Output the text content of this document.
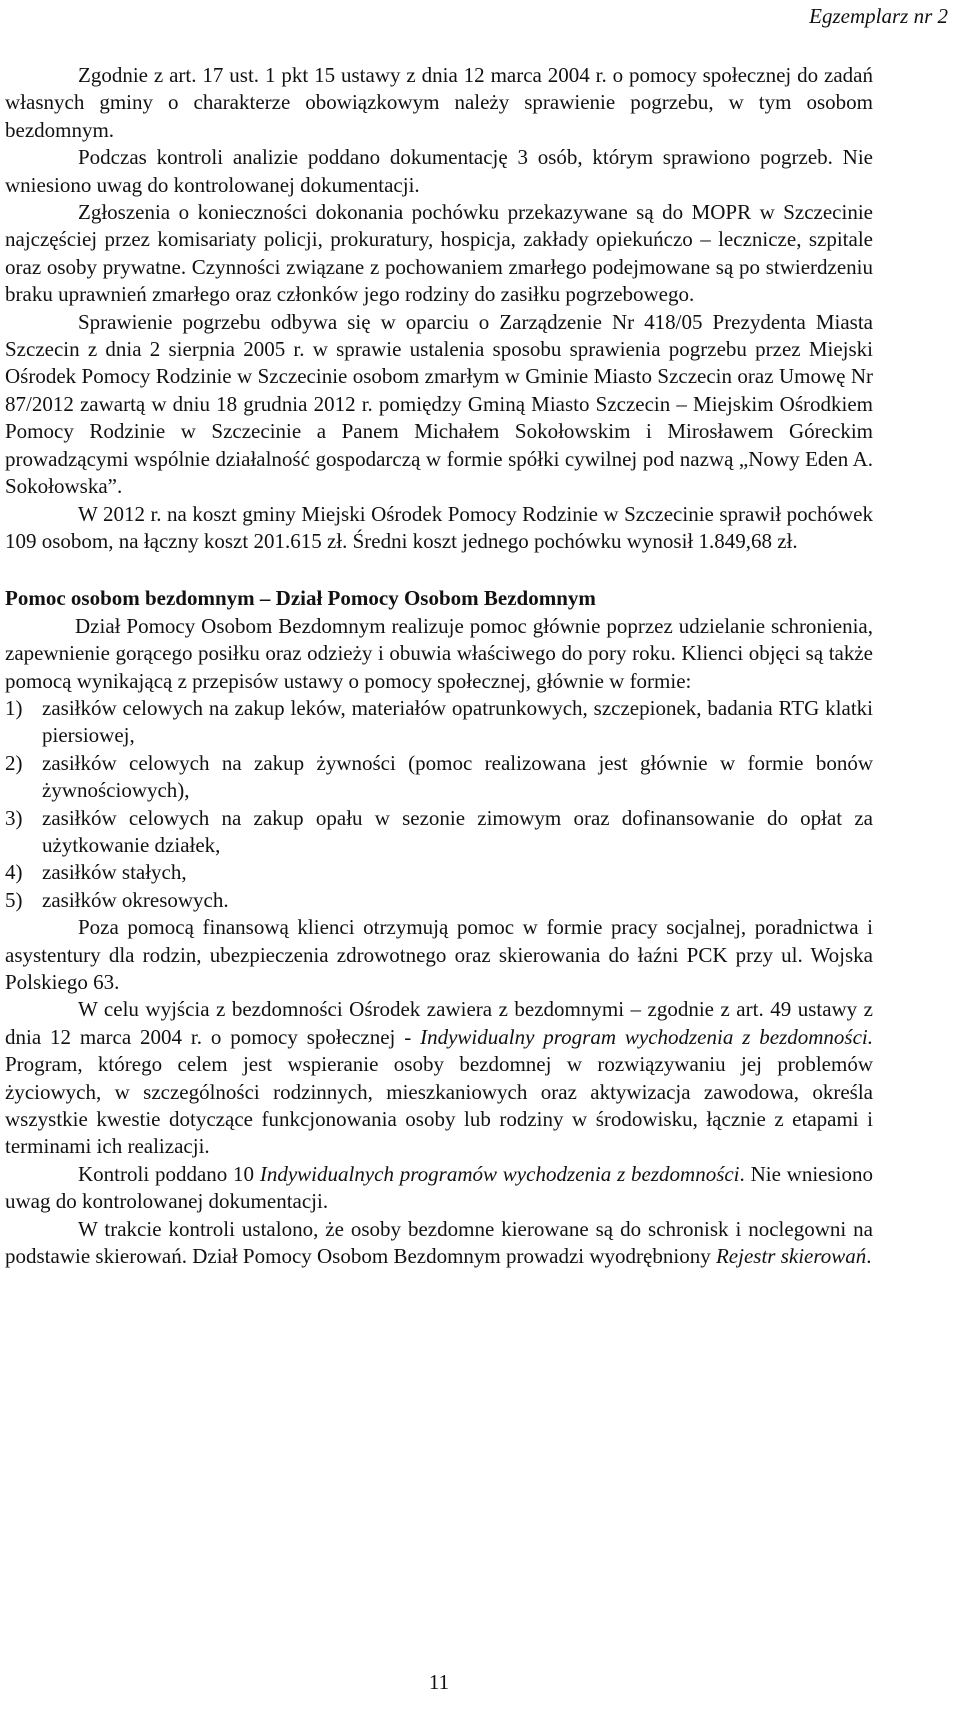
Egzemplarz nr 2

Zgodnie z art. 17 ust. 1 pkt 15 ustawy z dnia 12 marca 2004 r. o pomocy społecznej do zadań własnych gminy o charakterze obowiązkowym należy sprawienie pogrzebu, w tym osobom bezdomnym.

Podczas kontroli analizie poddano dokumentację 3 osób, którym sprawiono pogrzeb. Nie wniesiono uwag do kontrolowanej dokumentacji.

Zgłoszenia o konieczności dokonania pochówku przekazywane są do MOPR w Szczecinie najczęściej przez komisariaty policji, prokuratury, hospicja, zakłady opiekuńczo – lecznicze, szpitale oraz osoby prywatne. Czynności związane z pochowaniem zmarłego podejmowane są po stwierdzeniu braku uprawnień zmarłego oraz członków jego rodziny do zasiłku pogrzebowego.

Sprawienie pogrzebu odbywa się w oparciu o Zarządzenie Nr 418/05 Prezydenta Miasta Szczecin z dnia 2 sierpnia 2005 r. w sprawie ustalenia sposobu sprawienia pogrzebu przez Miejski Ośrodek Pomocy Rodzinie w Szczecinie osobom zmarłym w Gminie Miasto Szczecin oraz Umowę Nr 87/2012 zawartą w dniu 18 grudnia 2012 r. pomiędzy Gminą Miasto Szczecin – Miejskim Ośrodkiem Pomocy Rodzinie w Szczecinie a Panem Michałem Sokołowskim i Mirosławem Góreckim prowadzącymi wspólnie działalność gospodarczą w formie spółki cywilnej pod nazwą „Nowy Eden A. Sokołowska”.

W 2012 r. na koszt gminy Miejski Ośrodek Pomocy Rodzinie w Szczecinie sprawił pochówek 109 osobom, na łączny koszt 201.615 zł. Średni koszt jednego pochówku wynosił 1.849,68 zł.

Pomoc osobom bezdomnym – Dział Pomocy Osobom Bezdomnym

Dział Pomocy Osobom Bezdomnym realizuje pomoc głównie poprzez udzielanie schronienia, zapewnienie gorącego posiłku oraz odzieży i obuwia właściwego do pory roku. Klienci objęci są także pomocą wynikającą z przepisów ustawy o pomocy społecznej, głównie w formie:

1) zasiłków celowych na zakup leków, materiałów opatrunkowych, szczepionek, badania RTG klatki piersiowej,
2) zasiłków celowych na zakup żywności (pomoc realizowana jest głównie w formie bonów żywnościowych),
3) zasiłków celowych na zakup opału w sezonie zimowym oraz dofinansowanie do opłat za użytkowanie działek,
4) zasiłków stałych,
5) zasiłków okresowych.

Poza pomocą finansową klienci otrzymują pomoc w formie pracy socjalnej, poradnictwa i asystentury dla rodzin, ubezpieczenia zdrowotnego oraz skierowania do łaźni PCK przy ul. Wojska Polskiego 63.

W celu wyjścia z bezdomności Ośrodek zawiera z bezdomnymi – zgodnie z art. 49 ustawy z dnia 12 marca 2004 r. o pomocy społecznej - Indywidualny program wychodzenia z bezdomności. Program, którego celem jest wspieranie osoby bezdomnej w rozwiązywaniu jej problemów życiowych, w szczególności rodzinnych, mieszkaniowych oraz aktywizacja zawodowa, określa wszystkie kwestie dotyczące funkcjonowania osoby lub rodziny w środowisku, łącznie z etapami i terminami ich realizacji.

Kontroli poddano 10 Indywidualnych programów wychodzenia z bezdomności. Nie wniesiono uwag do kontrolowanej dokumentacji.

W trakcie kontroli ustalono, że osoby bezdomne kierowane są do schronisk i noclegowni na podstawie skierowań. Dział Pomocy Osobom Bezdomnym prowadzi wyodrębniony Rejestr skierowań.

11
